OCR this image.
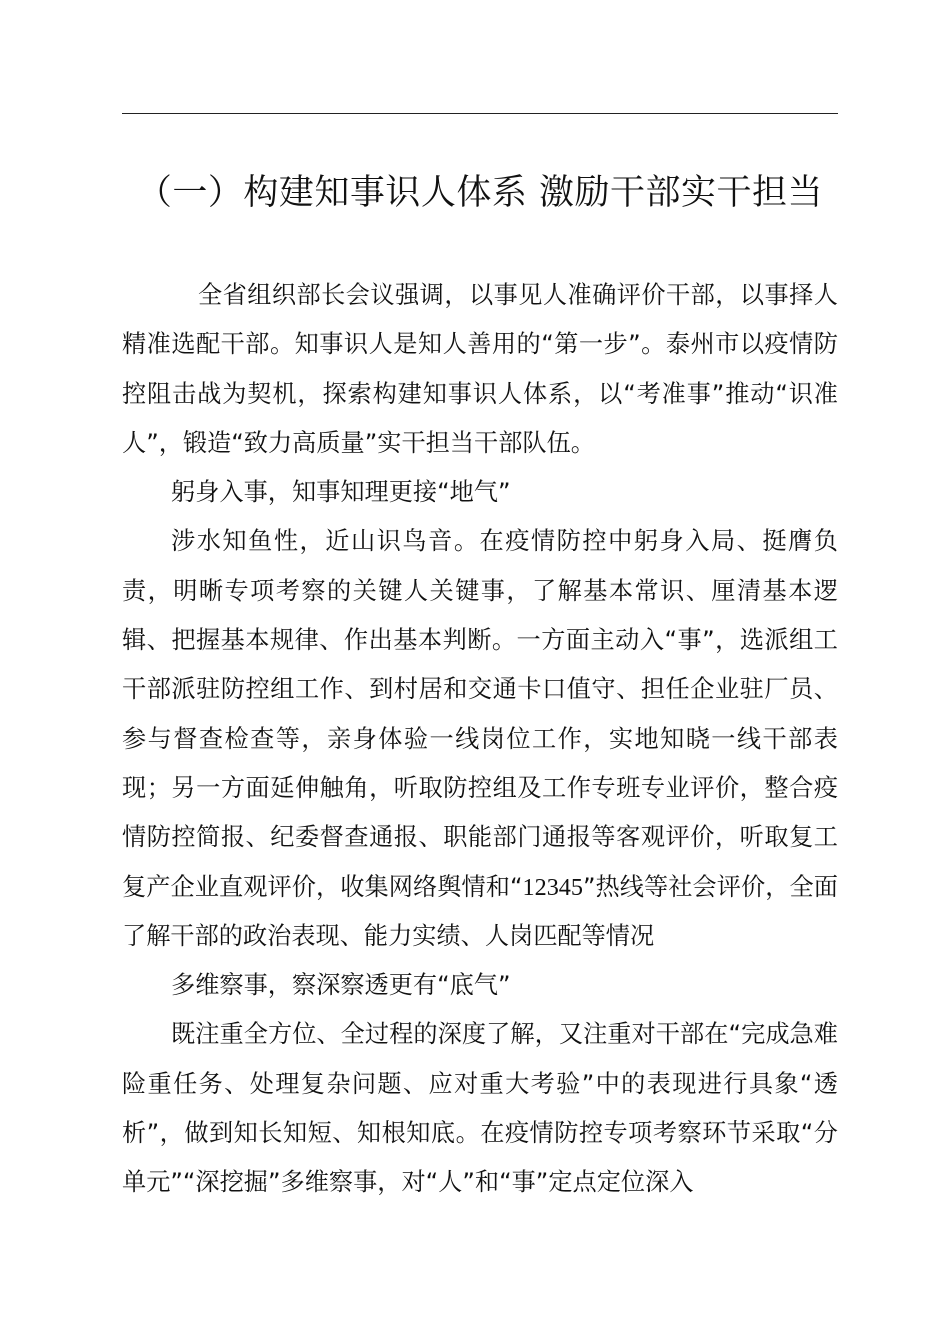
（一）构建知事识人体系 激励干部实干担当

全省组织部长会议强调，以事见人准确评价干部，以事择人精准选配干部。知事识人是知人善用的“第一步”。泰州市以疫情防控阻击战为契机，探索构建知事识人体系，以“考准事”推动“识准人”，锻造“致力高质量”实干担当干部队伍。

躬身入事，知事知理更接“地气”

涉水知鱼性，近山识鸟音。在疫情防控中躬身入局、挺膺负责，明晰专项考察的关键人关键事，了解基本常识、厘清基本逻辑、把握基本规律、作出基本判断。一方面主动入“事”，选派组工干部派驻防控组工作、到村居和交通卡口值守、担任企业驻厂员、参与督查检查等，亲身体验一线岗位工作，实地知晓一线干部表现；另一方面延伸触角，听取防控组及工作专班专业评价，整合疫情防控简报、纪委督查通报、职能部门通报等客观评价，听取复工复产企业直观评价，收集网络舆情和“12345”热线等社会评价，全面了解干部的政治表现、能力实绩、人岗匹配等情况

多维察事，察深察透更有“底气”

既注重全方位、全过程的深度了解，又注重对干部在“完成急难险重任务、处理复杂问题、应对重大考验”中的表现进行具象“透析”，做到知长知短、知根知底。在疫情防控专项考察环节采取“分单元”“深挖掘”多维察事，对“人”和“事”定点定位深入
